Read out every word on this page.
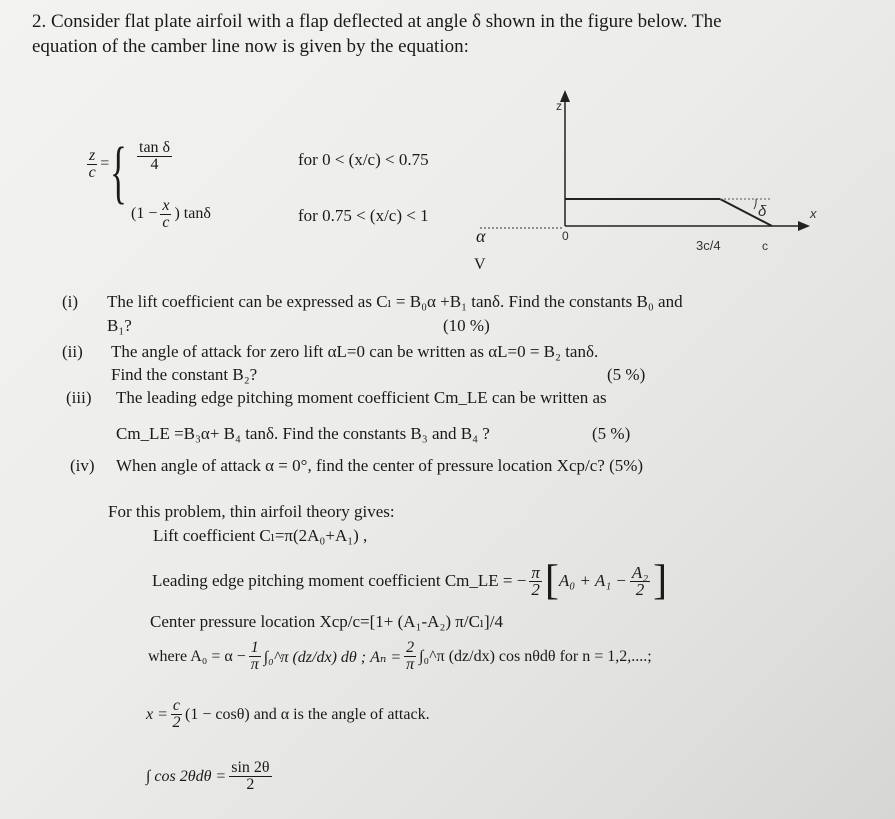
2. Consider flat plate airfoil with a flap deflected at angle δ shown in the figure below. The
equation of the camber line now is given by the equation:
$\frac{z}{c}$ = { $\frac{\text{tan δ}}{4}$	for 0 < (x/c) < 0.75
($1 - \frac{x}{c}$ ) tanδ	for 0.75 < (x/c) < 1
z
x
0
δ
3c/4	c
α
V
(i) The lift coefficient can be expressed as Cₗ = B₀α +B₁ tanδ. Find the constants B₀ and
B₁?	(10 %)
(ii) The angle of attack for zero lift αL=0 can be written as αL=0 = B₂ tanδ.
Find the constant B₂?	(5 %)
(iii) The leading edge pitching moment coefficient Cm_LE can be written as
Cm_LE =B₃α+ B₄ tanδ. Find the constants B₃ and B₄ ?	(5 %)
(iv) When angle of attack α = 0°, find the center of pressure location Xcp/c? (5%)
For this problem, thin airfoil theory gives:
Lift coefficient Cₗ=π(2A₀+A₁) ,
Leading edge pitching moment coefficient Cm_LE = − $\frac{\pi}{2}$ [ $A_0 + A_1 - \frac{\text{A₂}}{2}$ ]
Center pressure location Xcp/c=[1+ (A₁-A₂) π/Cₗ]/4
where $A_0 = \alpha - \frac{1}{\pi}$ ∫₀^π (dz/dx) dθ ; $A_n = \frac{2}{\pi}$ ∫₀^π (dz/dx) cos nθdθ for n = 1,2,....;
$x = \frac{c}{2} (1 - \cos\theta)$ and α is the angle of attack.
∫ $\cos 2\theta d\theta = \frac{\sin 2\theta}{2}$
